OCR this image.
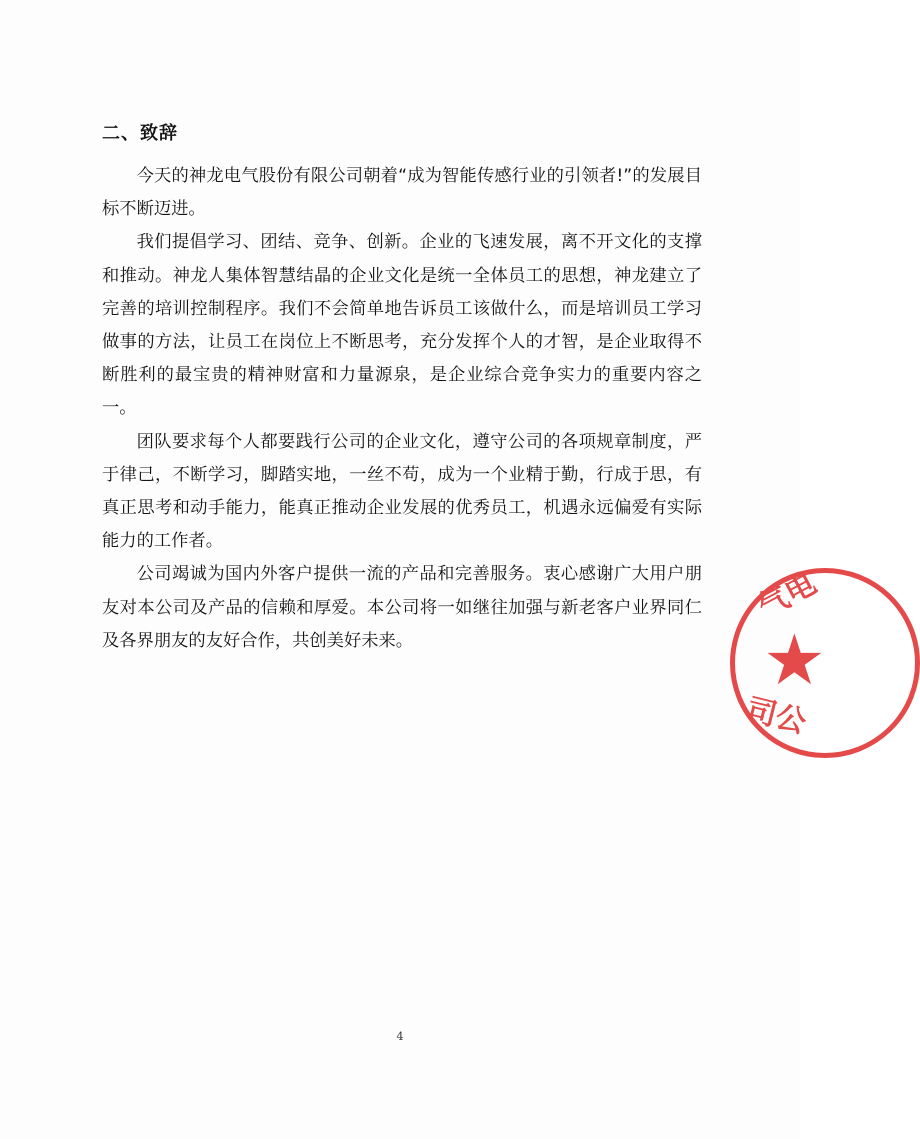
二、致辞

今天的神龙电气股份有限公司朝着“成为智能传感行业的引领者!”的发展目标不断迈进。

我们提倡学习、团结、竞争、创新。企业的飞速发展，离不开文化的支撑和推动。神龙人集体智慧结晶的企业文化是统一全体员工的思想，神龙建立了完善的培训控制程序。我们不会简单地告诉员工该做什么，而是培训员工学习做事的方法，让员工在岗位上不断思考，充分发挥个人的才智，是企业取得不断胜利的最宝贵的精神财富和力量源泉，是企业综合竞争实力的重要内容之一。

团队要求每个人都要践行公司的企业文化，遵守公司的各项规章制度，严于律己，不断学习，脚踏实地，一丝不苟，成为一个业精于勤，行成于思，有真正思考和动手能力，能真正推动企业发展的优秀员工，机遇永远偏爱有实际能力的工作者。

公司竭诚为国内外客户提供一流的产品和完善服务。衷心感谢广大用户朋友对本公司及产品的信赖和厚爱。本公司将一如继往加强与新老客户业界同仁及各界朋友的友好合作，共创美好未来。

气电
★
司公
4
